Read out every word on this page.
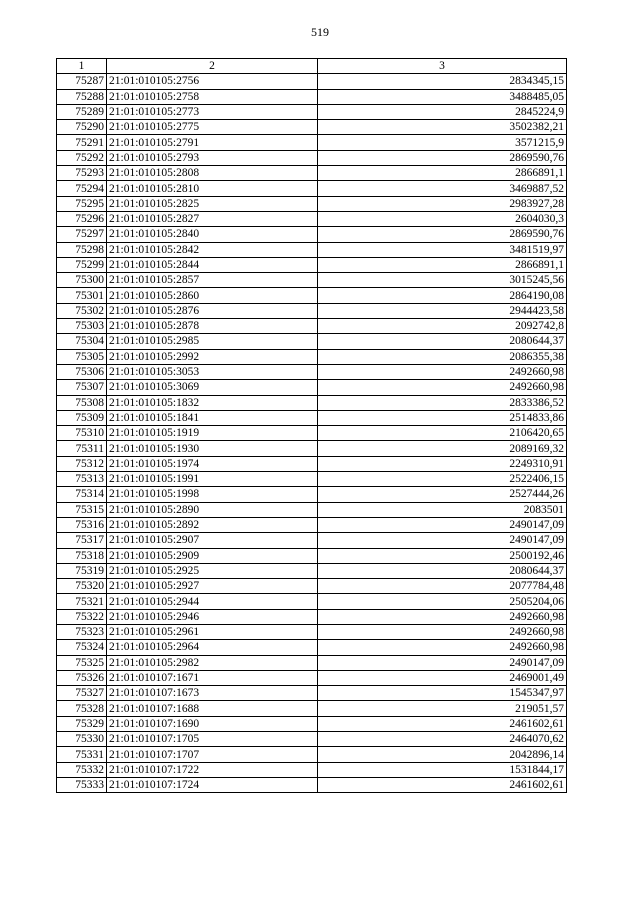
519
1	2	3
75287	21:01:010105:2756	2834345,15
75288	21:01:010105:2758	3488485,05
75289	21:01:010105:2773	2845224,9
75290	21:01:010105:2775	3502382,21
75291	21:01:010105:2791	3571215,9
75292	21:01:010105:2793	2869590,76
75293	21:01:010105:2808	2866891,1
75294	21:01:010105:2810	3469887,52
75295	21:01:010105:2825	2983927,28
75296	21:01:010105:2827	2604030,3
75297	21:01:010105:2840	2869590,76
75298	21:01:010105:2842	3481519,97
75299	21:01:010105:2844	2866891,1
75300	21:01:010105:2857	3015245,56
75301	21:01:010105:2860	2864190,08
75302	21:01:010105:2876	2944423,58
75303	21:01:010105:2878	2092742,8
75304	21:01:010105:2985	2080644,37
75305	21:01:010105:2992	2086355,38
75306	21:01:010105:3053	2492660,98
75307	21:01:010105:3069	2492660,98
75308	21:01:010105:1832	2833386,52
75309	21:01:010105:1841	2514833,86
75310	21:01:010105:1919	2106420,65
75311	21:01:010105:1930	2089169,32
75312	21:01:010105:1974	2249310,91
75313	21:01:010105:1991	2522406,15
75314	21:01:010105:1998	2527444,26
75315	21:01:010105:2890	2083501
75316	21:01:010105:2892	2490147,09
75317	21:01:010105:2907	2490147,09
75318	21:01:010105:2909	2500192,46
75319	21:01:010105:2925	2080644,37
75320	21:01:010105:2927	2077784,48
75321	21:01:010105:2944	2505204,06
75322	21:01:010105:2946	2492660,98
75323	21:01:010105:2961	2492660,98
75324	21:01:010105:2964	2492660,98
75325	21:01:010105:2982	2490147,09
75326	21:01:010107:1671	2469001,49
75327	21:01:010107:1673	1545347,97
75328	21:01:010107:1688	219051,57
75329	21:01:010107:1690	2461602,61
75330	21:01:010107:1705	2464070,62
75331	21:01:010107:1707	2042896,14
75332	21:01:010107:1722	1531844,17
75333	21:01:010107:1724	2461602,61
